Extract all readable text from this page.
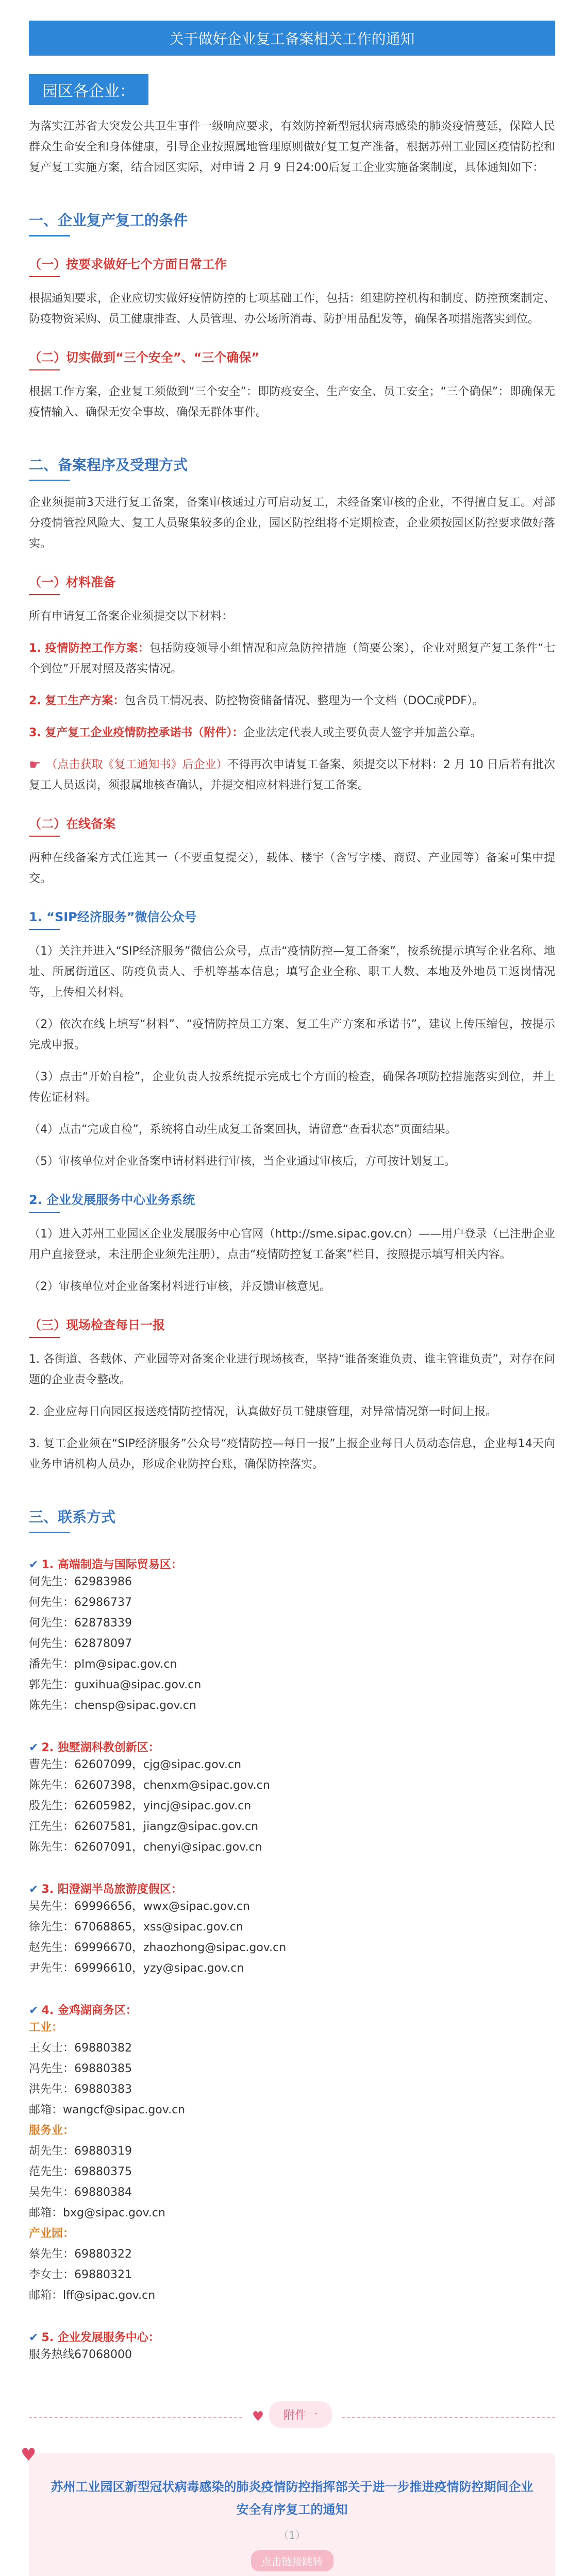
关于做好企业复工备案相关工作的通知
园区各企业：

为落实江苏省大突发公共卫生事件一级响应要求，有效防控新型冠状病毒感染的肺炎疫情蔓延，保障人民群众生命安全和身体健康，引导企业按照属地管理原则做好复工复产准备，根据苏州工业园区疫情防控和复产复工实施方案，结合园区实际，对申请 2 月 9 日24:00后复工企业实施备案制度，具体通知如下：

一、企业复产复工的条件
（一）按要求做好七个方面日常工作

根据通知要求，企业应切实做好疫情防控的七项基础工作，包括：组建防控机构和制度、防控预案制定、防疫物资采购、员工健康排查、人员管理、办公场所消毒、防护用品配发等，确保各项措施落实到位。

（二）切实做到“三个安全”、“三个确保”

根据工作方案，企业复工须做到“三个安全”：即防疫安全、生产安全、员工安全；“三个确保”：即确保无疫情输入、确保无安全事故、确保无群体事件。

二、备案程序及受理方式

企业须提前3天进行复工备案，备案审核通过方可启动复工，未经备案审核的企业，不得擅自复工。对部分疫情管控风险大、复工人员聚集较多的企业，园区防控组将不定期检查，企业须按园区防控要求做好落实。

（一）材料准备

所有申请复工备案企业须提交以下材料：

1. 疫情防控工作方案：包括防疫领导小组情况和应急防控措施（简要公案），企业对照复产复工条件“七个到位”开展对照及落实情况。

2. 复工生产方案：包含员工情况表、防控物资储备情况、整理为一个文档（DOC或PDF）。

3. 复产复工企业疫情防控承诺书（附件）：企业法定代表人或主要负责人签字并加盖公章。

☛ （点击获取《复工通知书》后企业）不得再次申请复工备案，须提交以下材料：2 月 10 日后若有批次复工人员返岗，须报属地核查确认，并提交相应材料进行复工备案。

（二）在线备案

两种在线备案方式任选其一（不要重复提交），载体、楼宇（含写字楼、商贸、产业园等）备案可集中提交。

1. “SIP经济服务”微信公众号

（1）关注并进入“SIP经济服务”微信公众号，点击“疫情防控—复工备案”，按系统提示填写企业名称、地址、所属街道区、防疫负责人、手机等基本信息；填写企业全称、职工人数、本地及外地员工返岗情况等，上传相关材料。

（2）依次在线上填写“材料”、“疫情防控员工方案、复工生产方案和承诺书”，建议上传压缩包，按提示完成申报。

（3）点击“开始自检”，企业负责人按系统提示完成七个方面的检查，确保各项防控措施落实到位，并上传佐证材料。

（4）点击“完成自检”，系统将自动生成复工备案回执，请留意“查看状态”页面结果。

（5）审核单位对企业备案申请材料进行审核，当企业通过审核后，方可按计划复工。

2. 企业发展服务中心业务系统

（1）进入苏州工业园区企业发展服务中心官网（http://sme.sipac.gov.cn）——用户登录（已注册企业用户直接登录，未注册企业须先注册），点击“疫情防控复工备案”栏目，按照提示填写相关内容。

（2）审核单位对企业备案材料进行审核，并反馈审核意见。

（三）现场检查每日一报

1. 各街道、各载体、产业园等对备案企业进行现场核查，坚持“谁备案谁负责、谁主管谁负责”，对存在问题的企业责令整改。

2. 企业应每日向园区报送疫情防控情况，认真做好员工健康管理，对异常情况第一时间上报。

3. 复工企业须在“SIP经济服务”公众号“疫情防控—每日一报”上报企业每日人员动态信息，企业每14天向业务申请机构人员办，形成企业防控台账，确保防控落实。

三、联系方式
✔ 1. 高端制造与国际贸易区：
何先生：62983986
何先生：62986737
何先生：62878339
何先生：62878097
潘先生：plm@sipac.gov.cn
郭先生：guxihua@sipac.gov.cn
陈先生：chensp@sipac.gov.cn
✔ 2. 独墅湖科教创新区：
曹先生：62607099，cjg@sipac.gov.cn
陈先生：62607398，chenxm@sipac.gov.cn
殷先生：62605982，yincj@sipac.gov.cn
江先生：62607581，jiangz@sipac.gov.cn
陈先生：62607091，chenyi@sipac.gov.cn
✔ 3. 阳澄湖半岛旅游度假区：
吴先生：69996656，wwx@sipac.gov.cn
徐先生：67068865，xss@sipac.gov.cn
赵先生：69996670，zhaozhong@sipac.gov.cn
尹先生：69996610，yzy@sipac.gov.cn
✔ 4. 金鸡湖商务区：
工业：
王女士：69880382
冯先生：69880385
洪先生：69880383
邮箱：wangcf@sipac.gov.cn
服务业：
胡先生：69880319
范先生：69880375
吴先生：69880384
邮箱：bxg@sipac.gov.cn
产业园：
蔡先生：69880322
李女士：69880321
邮箱：lff@sipac.gov.cn
✔ 5. 企业发展服务中心：
服务热线67068000
♥ 附件一
♥
苏州工业园区新型冠状病毒感染的肺炎疫情防控指挥部关于进一步推进疫情防控期间企业安全有序复工的通知
（1）
点击链接跳转
